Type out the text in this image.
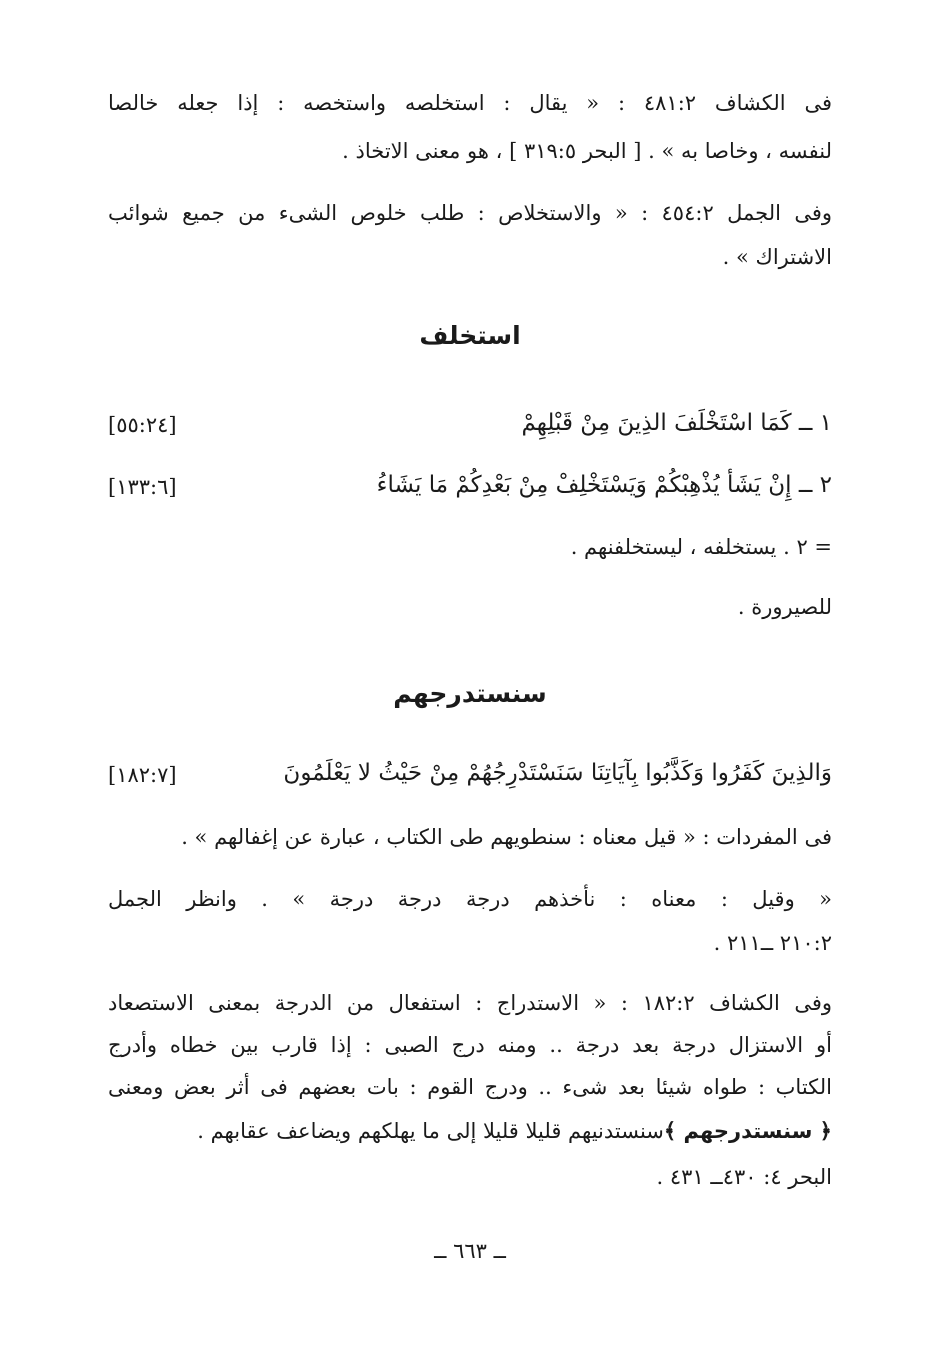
فى الكشاف ٤٨١:٢ : « يقال : استخلصه واستخصه : إذا جعله خالصا
لنفسه ، وخاصا به » . [ البحر ٣١٩:٥ ] ، هو معنى الاتخاذ .
وفى الجمل ٤٥٤:٢ : « والاستخلاص : طلب خلوص الشىء من جميع شوائب
الاشتراك » .
استخلف
١ ــ كَمَا اسْتَخْلَفَ الذِينَ مِنْ قَبْلِهِمْ
[٥٥:٢٤]
٢ ــ إِنْ يَشَأْ يُذْهِبْكُمْ وَيَسْتَخْلِفْ مِنْ بَعْدِكُمْ مَا يَشَاءُ
[١٣٣:٦]
= ٢ . يستخلفه ، ليستخلفنهم .
للصيرورة .
سنستدرجهم
وَالذِينَ كَفَرُوا وَكَذَّبُوا بِآيَاتِنَا سَنَسْتَدْرِجُهُمْ مِنْ حَيْثُ لا يَعْلَمُونَ
[١٨٢:٧]
فى المفردات : « قيل معناه : سنطويهم طى الكتاب ، عبارة عن إغفالهم » .
« وقيل : معناه : نأخذهم درجة درجة درجة » . وانظر الجمل
٢١٠:٢ ــ٢١١ .
وفى الكشاف ١٨٢:٢ : « الاستدراج : استفعال من الدرجة بمعنى الاستصعاد
أو الاستزال درجة بعد درجة .. ومنه درج الصبى : إذا قارب بين خطاه وأدرج
الكتاب : طواه شيئا بعد شىء .. ودرج القوم : بات بعضهم فى أثر بعض ومعنى
﴿ سنستدرجهم ﴾سنستدنيهم قليلا قليلا إلى ما يهلكهم ويضاعف عقابهم .
البحر ٤: ٤٣٠ــ ٤٣١ .
ــ ٦٦٣ ــ
